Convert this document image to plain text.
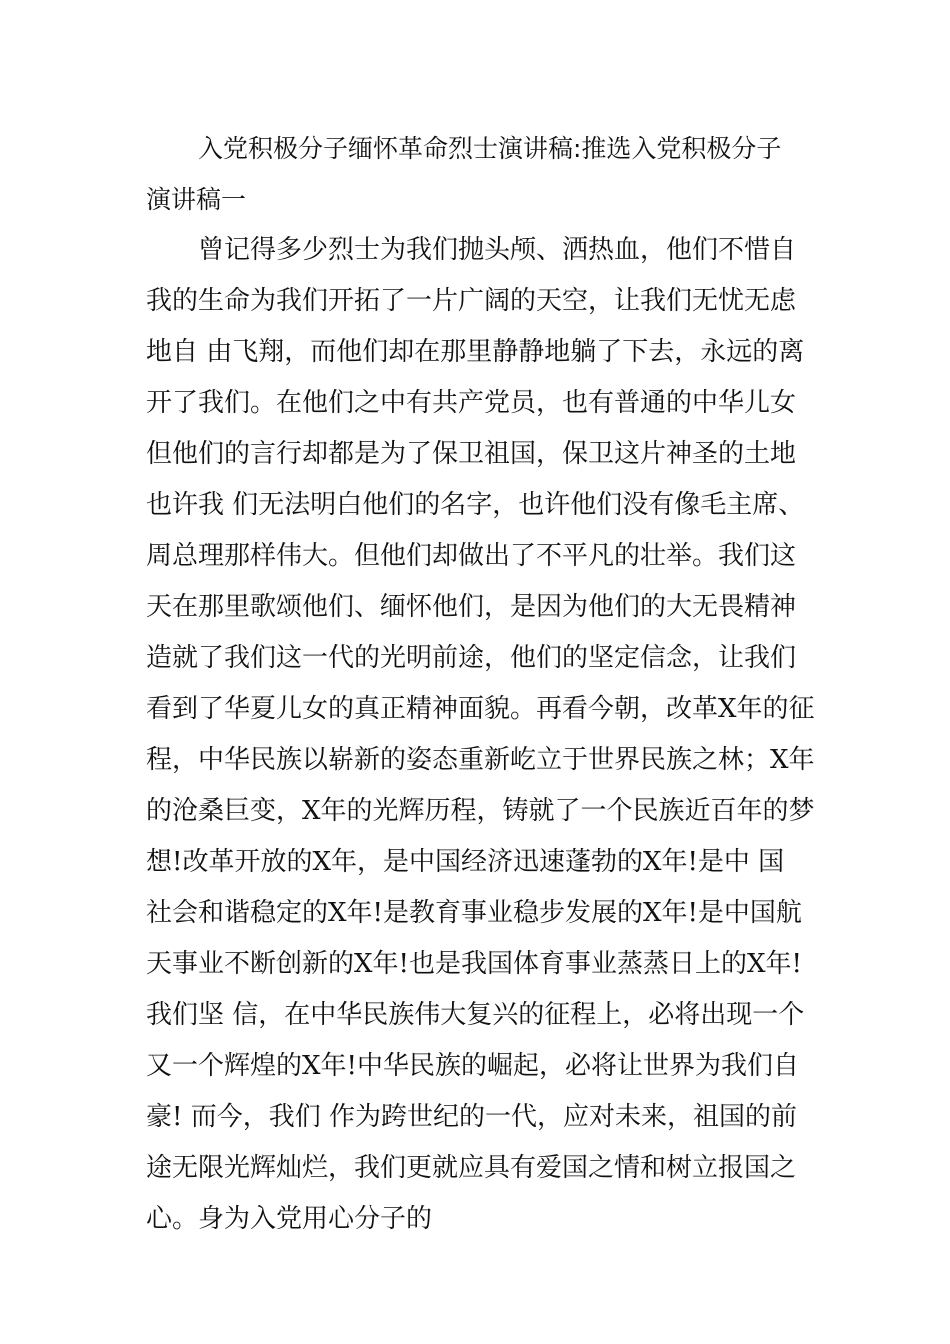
入党积极分子缅怀革命烈士演讲稿:推选入党积极分子
演讲稿一
曾记得多少烈士为我们抛头颅、洒热血，他们不惜自
我的生命为我们开拓了一片广阔的天空，让我们无忧无虑
地自 由飞翔，而他们却在那里静静地躺了下去，永远的离
开了我们。在他们之中有共产党员，也有普通的中华儿女
但他们的言行却都是为了保卫祖国，保卫这片神圣的土地
也许我 们无法明白他们的名字，也许他们没有像毛主席、
周总理那样伟大。但他们却做出了不平凡的壮举。我们这
天在那里歌颂他们、缅怀他们，是因为他们的大无畏精神
造就了我们这一代的光明前途，他们的坚定信念，让我们
看到了华夏儿女的真正精神面貌。再看今朝，改革X年的征
程，中华民族以崭新的姿态重新屹立于世界民族之林；X年
的沧桑巨变，X年的光辉历程，铸就了一个民族近百年的梦
想!改革开放的X年，是中国经济迅速蓬勃的X年!是中 国
社会和谐稳定的X年!是教育事业稳步发展的X年!是中国航
天事业不断创新的X年!也是我国体育事业蒸蒸日上的X年!
我们坚 信，在中华民族伟大复兴的征程上，必将出现一个
又一个辉煌的X年!中华民族的崛起，必将让世界为我们自
豪! 而今，我们 作为跨世纪的一代，应对未来，祖国的前
途无限光辉灿烂，我们更就应具有爱国之情和树立报国之
心。身为入党用心分子的
